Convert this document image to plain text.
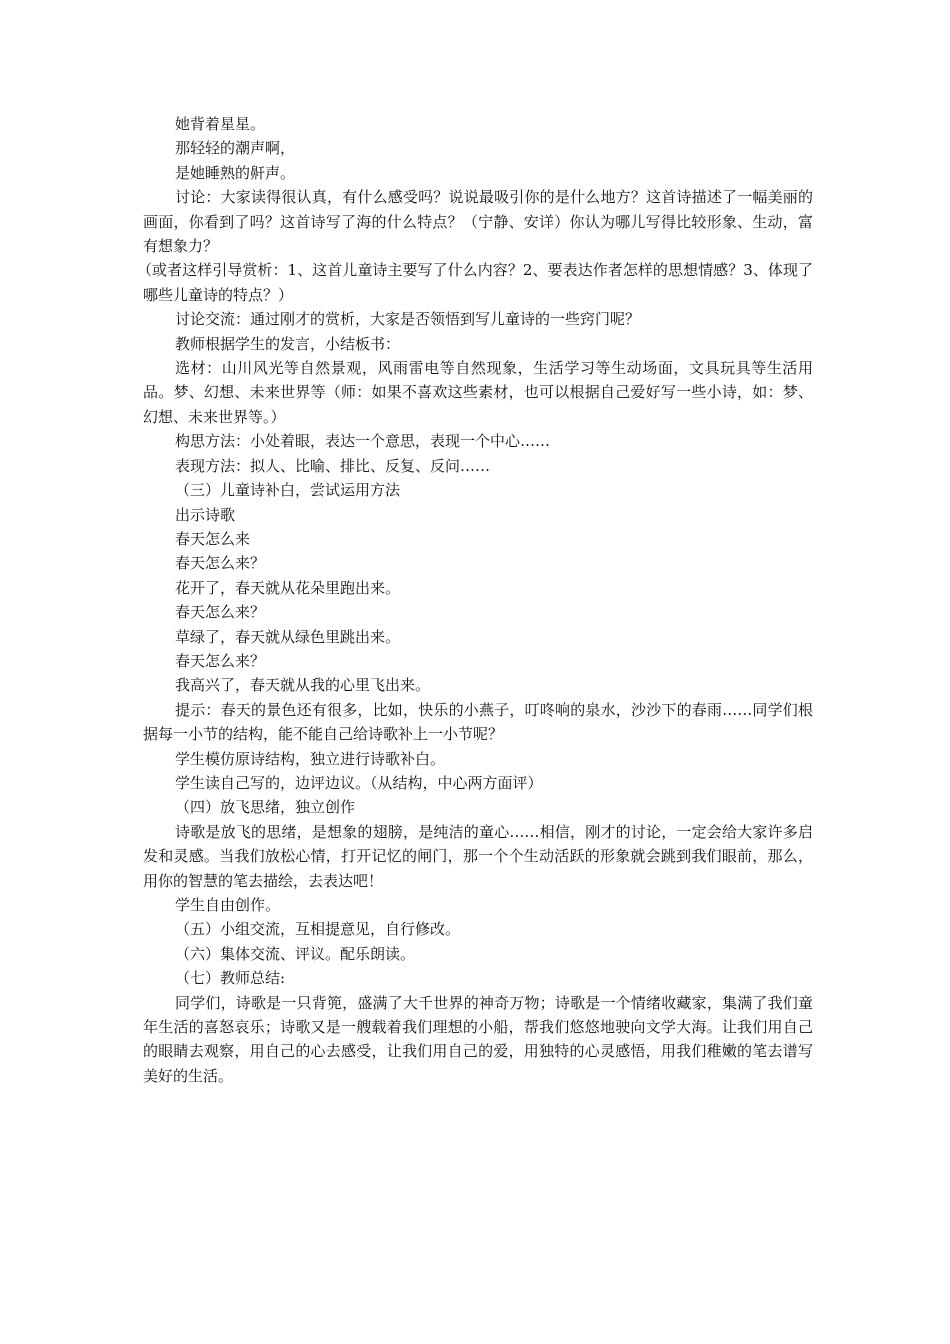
她背着星星。

那轻轻的潮声啊，

是她睡熟的鼾声。

讨论：大家读得很认真，有什么感受吗？说说最吸引你的是什么地方？这首诗描述了一幅美丽的画面，你看到了吗？这首诗写了海的什么特点？（宁静、安详）你认为哪儿写得比较形象、生动，富有想象力？

（或者这样引导赏析：1、这首儿童诗主要写了什么内容？2、要表达作者怎样的思想情感？3、体现了哪些儿童诗的特点？）

讨论交流：通过刚才的赏析，大家是否领悟到写儿童诗的一些窍门呢？

教师根据学生的发言，小结板书：

选材：山川风光等自然景观，风雨雷电等自然现象，生活学习等生动场面，文具玩具等生活用品。梦、幻想、未来世界等（师：如果不喜欢这些素材，也可以根据自己爱好写一些小诗，如：梦、幻想、未来世界等。）

构思方法：小处着眼，表达一个意思，表现一个中心……

表现方法：拟人、比喻、排比、反复、反问……

（三）儿童诗补白，尝试运用方法

出示诗歌

春天怎么来

春天怎么来？

花开了，春天就从花朵里跑出来。

春天怎么来？

草绿了，春天就从绿色里跳出来。

春天怎么来？

我高兴了，春天就从我的心里飞出来。

提示：春天的景色还有很多，比如，快乐的小燕子，叮咚响的泉水，沙沙下的春雨……同学们根据每一小节的结构，能不能自己给诗歌补上一小节呢？

学生模仿原诗结构，独立进行诗歌补白。

学生读自己写的，边评边议。（从结构，中心两方面评）

（四）放飞思绪，独立创作

诗歌是放飞的思绪，是想象的翅膀，是纯洁的童心……相信，刚才的讨论，一定会给大家许多启发和灵感。当我们放松心情，打开记忆的闸门，那一个个生动活跃的形象就会跳到我们眼前，那么，用你的智慧的笔去描绘，去表达吧！

学生自由创作。

（五）小组交流，互相提意见，自行修改。

（六）集体交流、评议。配乐朗读。

（七）教师总结:

同学们，诗歌是一只背篼，盛满了大千世界的神奇万物；诗歌是一个情绪收藏家，集满了我们童年生活的喜怒哀乐；诗歌又是一艘载着我们理想的小船，帮我们悠悠地驶向文学大海。让我们用自己的眼睛去观察，用自己的心去感受，让我们用自己的爱，用独特的心灵感悟，用我们稚嫩的笔去谱写美好的生活。
